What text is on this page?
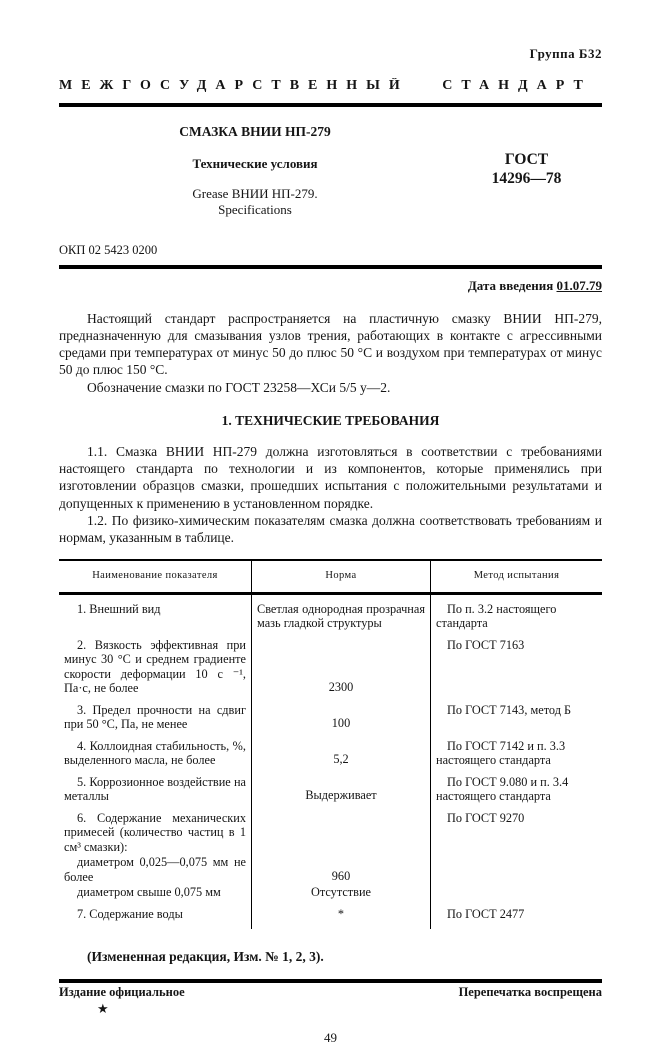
Группа Б32
МЕЖГОСУДАРСТВЕННЫЙ СТАНДАРТ
СМАЗКА ВНИИ НП-279
Технические условия
Grease ВНИИ НП-279.
Specifications
ГОСТ
14296—78
ОКП 02 5423 0200
Дата введения 01.07.79

Настоящий стандарт распространяется на пластичную смазку ВНИИ НП-279, предназначенную для смазывания узлов трения, работающих в контакте с агрессивными средами при температурах от минус 50 до плюс 50 °С и воздухом при температурах от минус 50 до плюс 150 °С.

Обозначение смазки по ГОСТ 23258—ХСи 5/5 у—2.

1. ТЕХНИЧЕСКИЕ ТРЕБОВАНИЯ

1.1. Смазка ВНИИ НП-279 должна изготовляться в соответствии с требованиями настоящего стандарта по технологии и из компонентов, которые применялись при изготовлении образцов смазки, прошедших испытания с положительными результатами и допущенных к применению в установленном порядке.

1.2. По физико-химическим показателям смазка должна соответствовать требованиям и нормам, указанным в таблице.

Наименование показателя	Норма	Метод испытания

1. Внешний вид	Светлая однородная прозрачная мазь гладкой структуры	По п. 3.2 настоящего стандарта

2. Вязкость эффективная при минус 30 °С и среднем градиенте скорости деформации 10 с ⁻¹, Па·с, не более	2300	По ГОСТ 7163

3. Предел прочности на сдвиг при 50 °С, Па, не менее	100	По ГОСТ 7143, метод Б

4. Коллоидная стабильность, %, выделенного масла, не более	5,2	По ГОСТ 7142 и п. 3.3 настоящего стандарта

5. Коррозионное воздействие на металлы	Выдерживает	По ГОСТ 9.080 и п. 3.4 настоящего стандарта

6. Содержание механических примесей (количество частиц в 1 см³ смазки):		По ГОСТ 9270

диаметром 0,025—0,075 мм не более	960	

диаметром свыше 0,075 мм	Отсутствие	

7. Содержание воды	*	По ГОСТ 2477
(Измененная редакция, Изм. № 1, 2, 3).
Издание официальное	Перепечатка воспрещена
★
49
